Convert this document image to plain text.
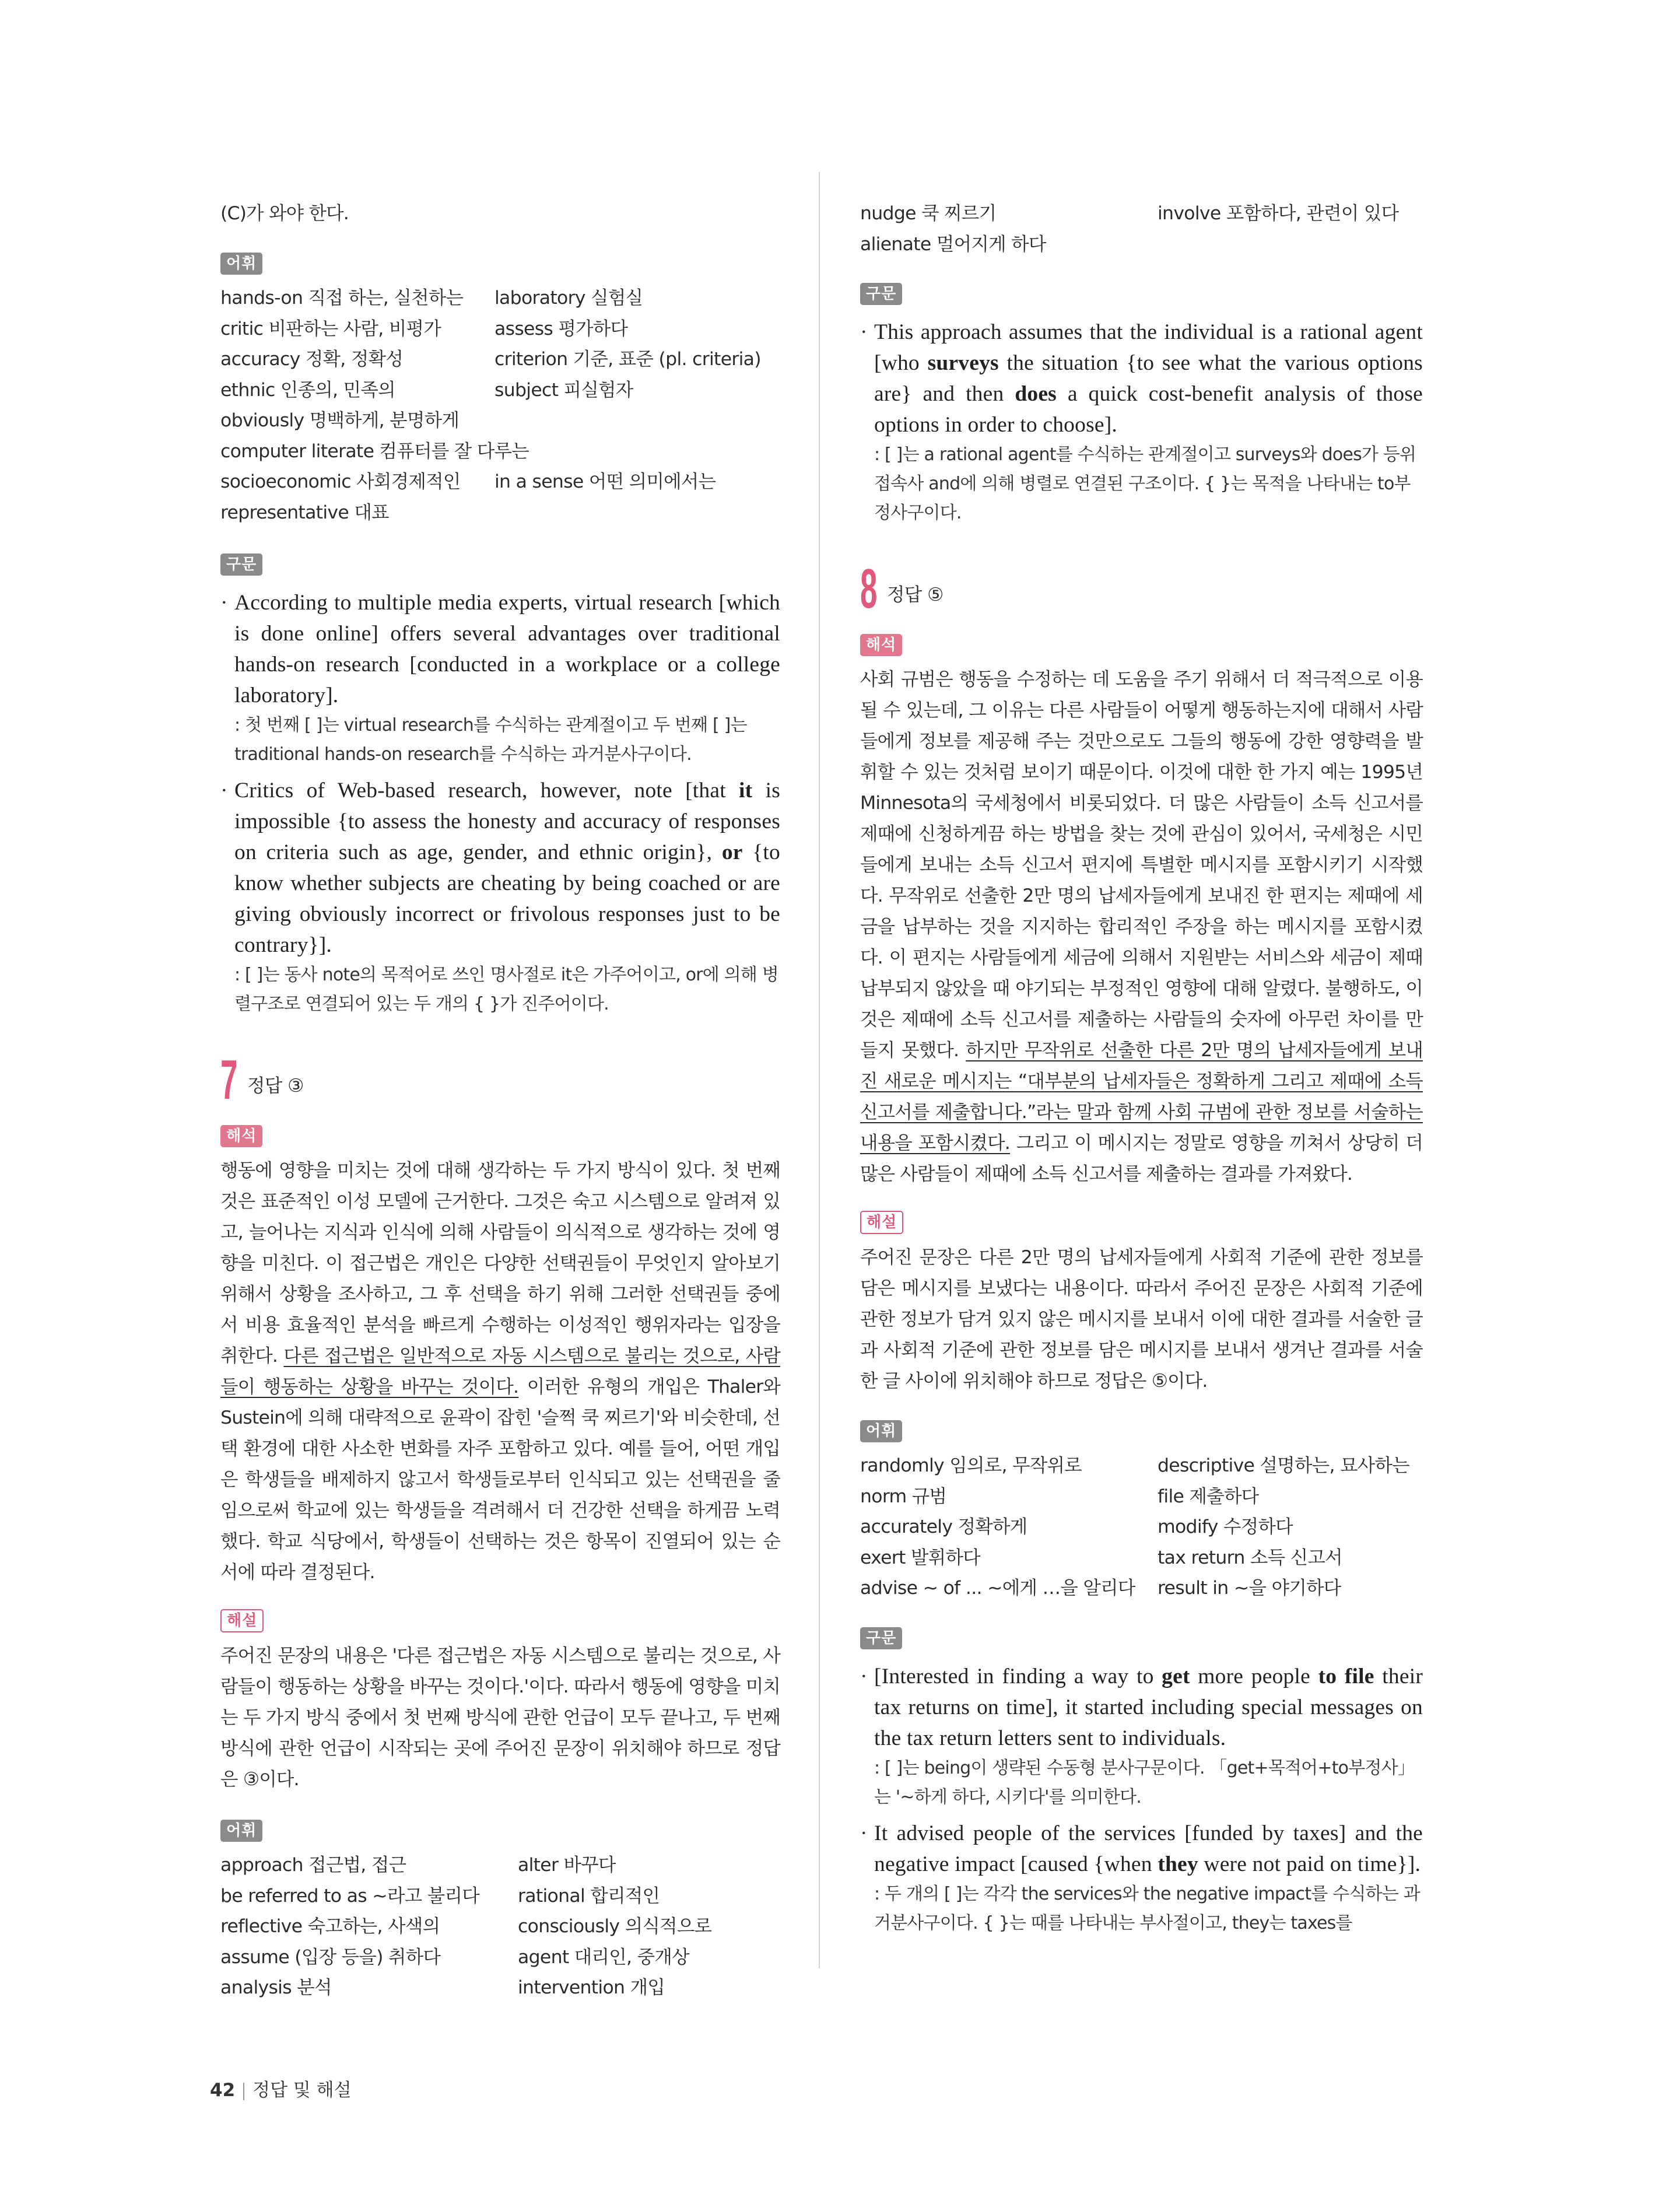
(C)가 와야 한다.
어휘
hands-on 직접 하는, 실천하는	laboratory 실험실
critic 비판하는 사람, 비평가	assess 평가하다
accuracy 정확, 정확성	criterion 기준, 표준 (pl. criteria)
ethnic 인종의, 민족의	subject 피실험자
obviously 명백하게, 분명하게
computer literate 컴퓨터를 잘 다루는
socioeconomic 사회경제적인	in a sense 어떤 의미에서는
representative 대표
구문
· According to multiple media experts, virtual research [which is done online] offers several advantages over traditional hands-on research [conducted in a workplace or a college laboratory].
: 첫 번째 [ ]는 virtual research를 수식하는 관계절이고 두 번째 [ ]는 traditional hands-on research를 수식하는 과거분사구이다.
· Critics of Web-based research, however, note [that it is impossible {to assess the honesty and accuracy of responses on criteria such as age, gender, and ethnic origin}, or {to know whether subjects are cheating by being coached or are giving obviously incorrect or frivolous responses just to be contrary}].
: [ ]는 동사 note의 목적어로 쓰인 명사절로 it은 가주어이고, or에 의해 병렬구조로 연결되어 있는 두 개의 { }가 진주어이다.
7 정답 ③
해석
행동에 영향을 미치는 것에 대해 생각하는 두 가지 방식이 있다. 첫 번째 것은 표준적인 이성 모델에 근거한다. 그것은 숙고 시스템으로 알려져 있고, 늘어나는 지식과 인식에 의해 사람들이 의식적으로 생각하는 것에 영향을 미친다. 이 접근법은 개인은 다양한 선택권들이 무엇인지 알아보기 위해서 상황을 조사하고, 그 후 선택을 하기 위해 그러한 선택권들 중에서 비용 효율적인 분석을 빠르게 수행하는 이성적인 행위자라는 입장을 취한다. 다른 접근법은 일반적으로 자동 시스템으로 불리는 것으로, 사람들이 행동하는 상황을 바꾸는 것이다. 이러한 유형의 개입은 Thaler와 Sustein에 의해 대략적으로 윤곽이 잡힌 '슬쩍 쿡 찌르기'와 비슷한데, 선택 환경에 대한 사소한 변화를 자주 포함하고 있다. 예를 들어, 어떤 개입은 학생들을 배제하지 않고서 학생들로부터 인식되고 있는 선택권을 줄임으로써 학교에 있는 학생들을 격려해서 더 건강한 선택을 하게끔 노력했다. 학교 식당에서, 학생들이 선택하는 것은 항목이 진열되어 있는 순서에 따라 결정된다.
해설
주어진 문장의 내용은 '다른 접근법은 자동 시스템으로 불리는 것으로, 사람들이 행동하는 상황을 바꾸는 것이다.'이다. 따라서 행동에 영향을 미치는 두 가지 방식 중에서 첫 번째 방식에 관한 언급이 모두 끝나고, 두 번째 방식에 관한 언급이 시작되는 곳에 주어진 문장이 위치해야 하므로 정답은 ③이다.
어휘
approach 접근법, 접근	alter 바꾸다
be referred to as ~라고 불리다	rational 합리적인
reflective 숙고하는, 사색의	consciously 의식적으로
assume (입장 등을) 취하다	agent 대리인, 중개상
analysis 분석	intervention 개입
nudge 쿡 찌르기	involve 포함하다, 관련이 있다
alienate 멀어지게 하다
구문
· This approach assumes that the individual is a rational agent [who surveys the situation {to see what the various options are} and then does a quick cost-benefit analysis of those options in order to choose].
: [ ]는 a rational agent를 수식하는 관계절이고 surveys와 does가 등위접속사 and에 의해 병렬로 연결된 구조이다. { }는 목적을 나타내는 to부정사구이다.
8 정답 ⑤
해석
사회 규범은 행동을 수정하는 데 도움을 주기 위해서 더 적극적으로 이용될 수 있는데, 그 이유는 다른 사람들이 어떻게 행동하는지에 대해서 사람들에게 정보를 제공해 주는 것만으로도 그들의 행동에 강한 영향력을 발휘할 수 있는 것처럼 보이기 때문이다. 이것에 대한 한 가지 예는 1995년 Minnesota의 국세청에서 비롯되었다. 더 많은 사람들이 소득 신고서를 제때에 신청하게끔 하는 방법을 찾는 것에 관심이 있어서, 국세청은 시민들에게 보내는 소득 신고서 편지에 특별한 메시지를 포함시키기 시작했다. 무작위로 선출한 2만 명의 납세자들에게 보내진 한 편지는 제때에 세금을 납부하는 것을 지지하는 합리적인 주장을 하는 메시지를 포함시켰다. 이 편지는 사람들에게 세금에 의해서 지원받는 서비스와 세금이 제때 납부되지 않았을 때 야기되는 부정적인 영향에 대해 알렸다. 불행하도, 이것은 제때에 소득 신고서를 제출하는 사람들의 숫자에 아무런 차이를 만들지 못했다. 하지만 무작위로 선출한 다른 2만 명의 납세자들에게 보내진 새로운 메시지는 “대부분의 납세자들은 정확하게 그리고 제때에 소득 신고서를 제출합니다.”라는 말과 함께 사회 규범에 관한 정보를 서술하는 내용을 포함시켰다. 그리고 이 메시지는 정말로 영향을 끼쳐서 상당히 더 많은 사람들이 제때에 소득 신고서를 제출하는 결과를 가져왔다.
해설
주어진 문장은 다른 2만 명의 납세자들에게 사회적 기준에 관한 정보를 담은 메시지를 보냈다는 내용이다. 따라서 주어진 문장은 사회적 기준에 관한 정보가 담겨 있지 않은 메시지를 보내서 이에 대한 결과를 서술한 글과 사회적 기준에 관한 정보를 담은 메시지를 보내서 생겨난 결과를 서술한 글 사이에 위치해야 하므로 정답은 ⑤이다.
어휘
randomly 임의로, 무작위로	descriptive 설명하는, 묘사하는
norm 규범	file 제출하다
accurately 정확하게	modify 수정하다
exert 발휘하다	tax return 소득 신고서
advise ~ of ... ~에게 …을 알리다	result in ~을 야기하다
구문
· [Interested in finding a way to get more people to file their tax returns on time], it started including special messages on the tax return letters sent to individuals.
: [ ]는 being이 생략된 수동형 분사구문이다. 「get+목적어+to부정사」는 '~하게 하다, 시키다'를 의미한다.
· It advised people of the services [funded by taxes] and the negative impact [caused {when they were not paid on time}].
: 두 개의 [ ]는 각각 the services와 the negative impact를 수식하는 과거분사구이다. { }는 때를 나타내는 부사절이고, they는 taxes를
42 정답 및 해설
